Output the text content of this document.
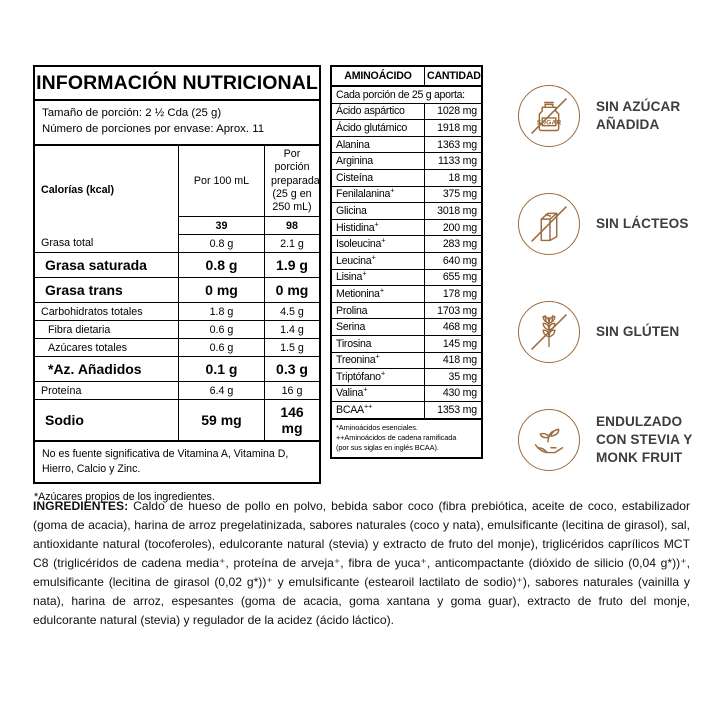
INFORMACIÓN NUTRICIONAL
Tamaño de porción: 2 ½ Cda (25 g)
Número de porciones por envase: Aprox. 11
Calorías (kcal)	Por 100 mL	Por porción
preparada
(25 g en 250 mL)
	39	98
Grasa total	0.8 g	2.1 g
Grasa saturada	0.8 g	1.9 g
Grasa trans	0 mg	0 mg
Carbohidratos totales	1.8 g	4.5 g
Fibra dietaria	0.6 g	1.4 g
Azúcares totales	0.6 g	1.5 g
*Az. Añadidos	0.1 g	0.3 g
Proteína	6.4 g	16 g
Sodio	59 mg	146 mg
No es fuente significativa de Vitamina A, Vitamina D, Hierro, Calcio y Zinc.
*Azúcares propios de los ingredientes.
AMINOÁCIDO	CANTIDAD
Cada porción de 25 g aporta:	
Ácido aspártico	1028 mg
Ácido glutámico	1918 mg
Alanina	1363 mg
Arginina	1133 mg
Cisteína	18 mg
Fenilalanina+	375 mg
Glicina	3018 mg
Histidina+	200 mg
Isoleucina+	283 mg
Leucina+	640 mg
Lisina+	655 mg
Metionina+	178 mg
Prolina	1703 mg
Serina	468 mg
Tirosina	145 mg
Treonina+	418 mg
Triptófano+	35 mg
Valina+	430 mg
BCAA++	1353 mg
*Aminoácidos esenciales.
++Aminoácidos de cadena ramificada
(por sus siglas en inglés BCAA).
SUGAR
SIN AZÚCAR
AÑADIDA
SIN LÁCTEOS
SIN GLÚTEN
ENDULZADO
CON STEVIA Y
MONK FRUIT
INGREDIENTES: Caldo de hueso de pollo en polvo, bebida sabor coco (fibra prebiótica, aceite de coco, estabilizador (goma de acacia), harina de arroz pregelatinizada, sabores naturales (coco y nata), emulsificante (lecitina de girasol), sal, antioxidante natural (tocoferoles), edulcorante natural (stevia) y extracto de fruto del monje), triglicéridos caprílicos MCT C8 (triglicéridos de cadena media⁺, proteína de arveja⁺, fibra de yuca⁺, anticompactante (dióxido de silicio (0,04 g*))⁺, emulsificante (lecitina de girasol (0,02 g*))⁺ y emulsificante (estearoil lactilato de sodio)⁺), sabores naturales (vainilla y nata), harina de arroz, espesantes (goma de acacia, goma xantana y goma guar), extracto de fruto del monje, edulcorante natural (stevia) y regulador de la acidez (ácido láctico).
